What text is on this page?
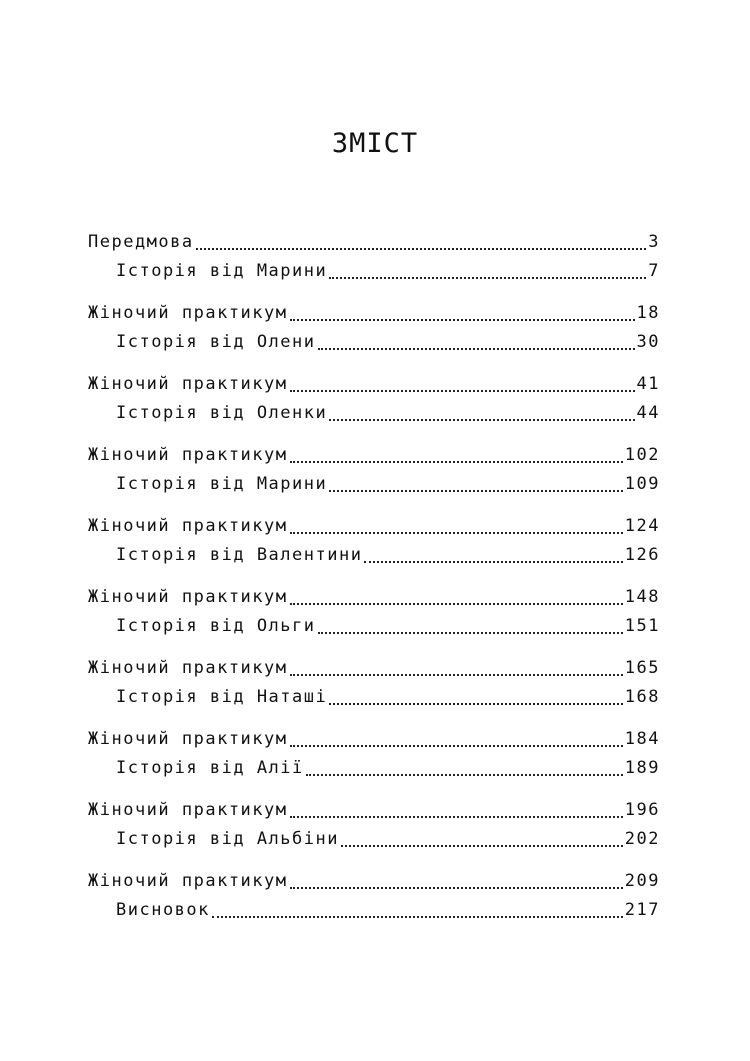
ЗМІСТ
Передмова	3
Історія від Марини	7
Жіночий практикум	18
Історія від Олени	30
Жіночий практикум	41
Історія від Оленки	44
Жіночий практикум	102
Історія від Марини	109
Жіночий практикум	124
Історія від Валентини	126
Жіночий практикум	148
Історія від Ольги	151
Жіночий практикум	165
Історія від Наташі	168
Жіночий практикум	184
Історія від Алії	189
Жіночий практикум	196
Історія від Альбіни	202
Жіночий практикум	209
Висновок	217
